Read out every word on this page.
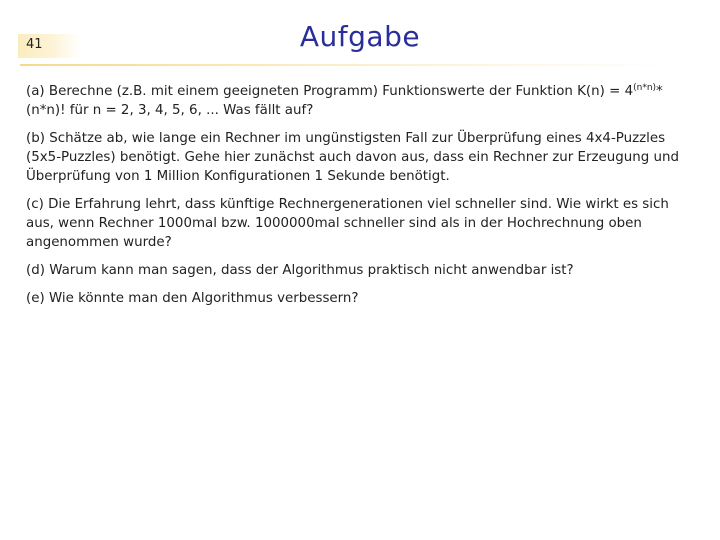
41	Aufgabe

(a) Berechne (z.B. mit einem geeigneten Programm) Funktionswerte der Funktion $K(n) = 4^{(n*n)}*(n*n)$! für n = 2, 3, 4, 5, 6, ... Was fällt auf?

(b) Schätze ab, wie lange ein Rechner im ungünstigsten Fall zur Überprüfung eines 4x4-Puzzles (5x5-Puzzles) benötigt. Gehe hier zunächst auch davon aus, dass ein Rechner zur Erzeugung und Überprüfung von 1 Million Konfigurationen 1 Sekunde benötigt.

(c) Die Erfahrung lehrt, dass künftige Rechnergenerationen viel schneller sind. Wie wirkt es sich aus, wenn Rechner 1000mal bzw. 1000000mal schneller sind als in der Hochrechnung oben angenommen wurde?

(d) Warum kann man sagen, dass der Algorithmus praktisch nicht anwendbar ist?

(e) Wie könnte man den Algorithmus verbessern?
